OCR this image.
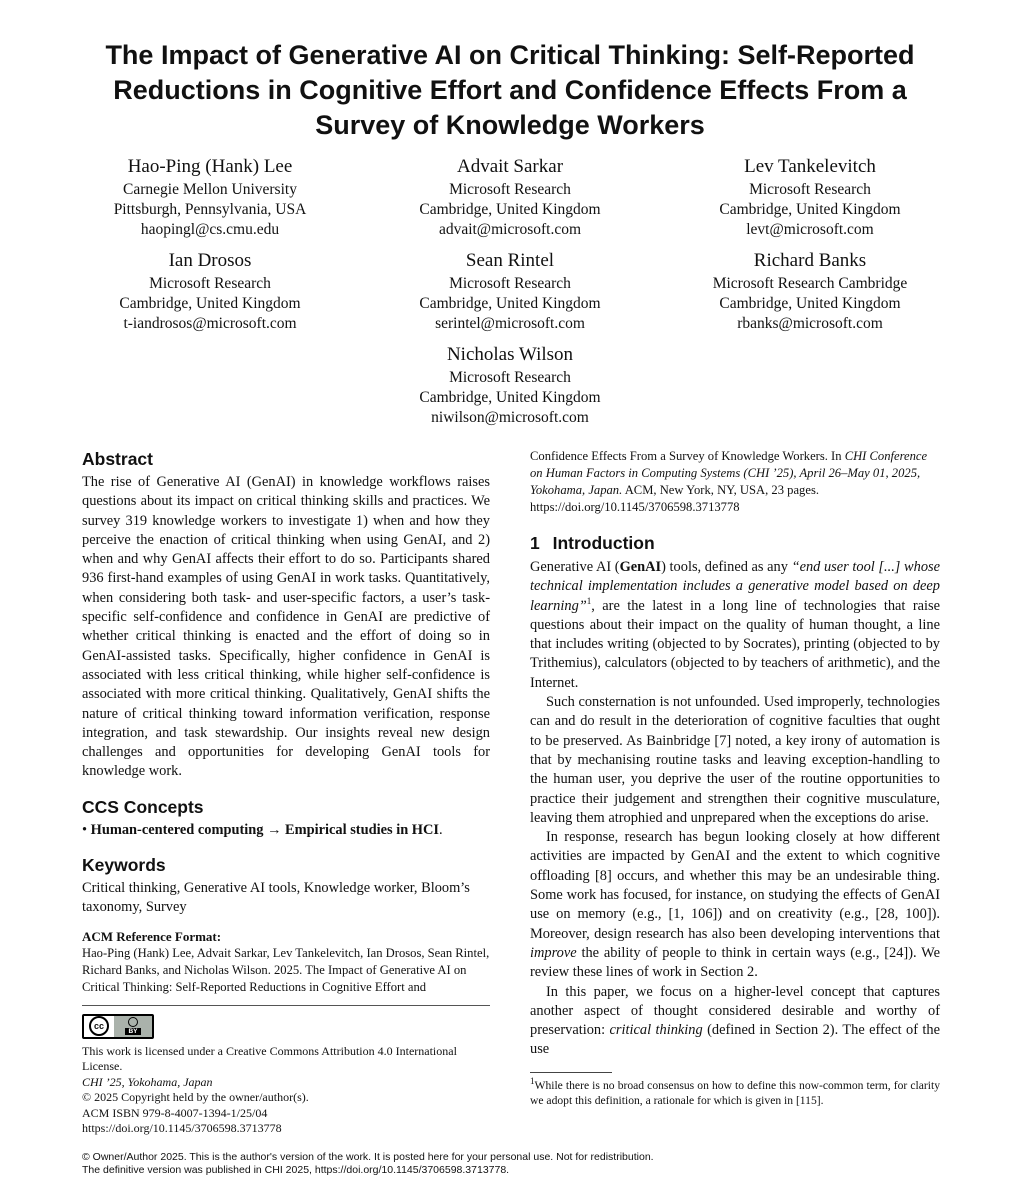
The Impact of Generative AI on Critical Thinking: Self-Reported
Reductions in Cognitive Effort and Confidence Effects From a
Survey of Knowledge Workers
Hao-Ping (Hank) Lee
Carnegie Mellon University
Pittsburgh, Pennsylvania, USA
haopingl@cs.cmu.edu
Advait Sarkar
Microsoft Research
Cambridge, United Kingdom
advait@microsoft.com
Lev Tankelevitch
Microsoft Research
Cambridge, United Kingdom
levt@microsoft.com
Ian Drosos
Microsoft Research
Cambridge, United Kingdom
t-iandrosos@microsoft.com
Sean Rintel
Microsoft Research
Cambridge, United Kingdom
serintel@microsoft.com
Richard Banks
Microsoft Research Cambridge
Cambridge, United Kingdom
rbanks@microsoft.com
Nicholas Wilson
Microsoft Research
Cambridge, United Kingdom
niwilson@microsoft.com
Abstract
The rise of Generative AI (GenAI) in knowledge workflows raises questions about its impact on critical thinking skills and practices. We survey 319 knowledge workers to investigate 1) when and how they perceive the enaction of critical thinking when using GenAI, and 2) when and why GenAI affects their effort to do so. Participants shared 936 first-hand examples of using GenAI in work tasks. Quantitatively, when considering both task- and user-specific factors, a user’s task-specific self-confidence and confidence in GenAI are predictive of whether critical thinking is enacted and the effort of doing so in GenAI-assisted tasks. Specifically, higher confidence in GenAI is associated with less critical thinking, while higher self-confidence is associated with more critical thinking. Qualitatively, GenAI shifts the nature of critical thinking toward information verification, response integration, and task stewardship. Our insights reveal new design challenges and opportunities for developing GenAI tools for knowledge work.
CCS Concepts
• Human-centered computing → Empirical studies in HCI.
Keywords
Critical thinking, Generative AI tools, Knowledge worker, Bloom’s taxonomy, Survey
ACM Reference Format:
Hao-Ping (Hank) Lee, Advait Sarkar, Lev Tankelevitch, Ian Drosos, Sean Rintel, Richard Banks, and Nicholas Wilson. 2025. The Impact of Generative AI on Critical Thinking: Self-Reported Reductions in Cognitive Effort and
cc
BY
This work is licensed under a Creative Commons Attribution 4.0 International License.
CHI ’25, Yokohama, Japan
© 2025 Copyright held by the owner/author(s).
ACM ISBN 979-8-4007-1394-1/25/04
https://doi.org/10.1145/3706598.3713778
Confidence Effects From a Survey of Knowledge Workers. In CHI Conference on Human Factors in Computing Systems (CHI ’25), April 26–May 01, 2025, Yokohama, Japan. ACM, New York, NY, USA, 23 pages. https://doi.org/10.1145/3706598.3713778
1 Introduction
Generative AI (GenAI) tools, defined as any “end user tool [...] whose technical implementation includes a generative model based on deep learning”$^1$, are the latest in a long line of technologies that raise questions about their impact on the quality of human thought, a line that includes writing (objected to by Socrates), printing (objected to by Trithemius), calculators (objected to by teachers of arithmetic), and the Internet.
Such consternation is not unfounded. Used improperly, technologies can and do result in the deterioration of cognitive faculties that ought to be preserved. As Bainbridge [7] noted, a key irony of automation is that by mechanising routine tasks and leaving exception-handling to the human user, you deprive the user of the routine opportunities to practice their judgement and strengthen their cognitive musculature, leaving them atrophied and unprepared when the exceptions do arise.
In response, research has begun looking closely at how different activities are impacted by GenAI and the extent to which cognitive offloading [8] occurs, and whether this may be an undesirable thing. Some work has focused, for instance, on studying the effects of GenAI use on memory (e.g., [1, 106]) and on creativity (e.g., [28, 100]). Moreover, design research has also been developing interventions that improve the ability of people to think in certain ways (e.g., [24]). We review these lines of work in Section 2.
In this paper, we focus on a higher-level concept that captures another aspect of thought considered desirable and worthy of preservation: critical thinking (defined in Section 2). The effect of the use
$^1$While there is no broad consensus on how to define this now-common term, for clarity we adopt this definition, a rationale for which is given in [115].
© Owner/Author 2025. This is the author's version of the work. It is posted here for your personal use. Not for redistribution.
The definitive version was published in CHI 2025, https://doi.org/10.1145/3706598.3713778.
